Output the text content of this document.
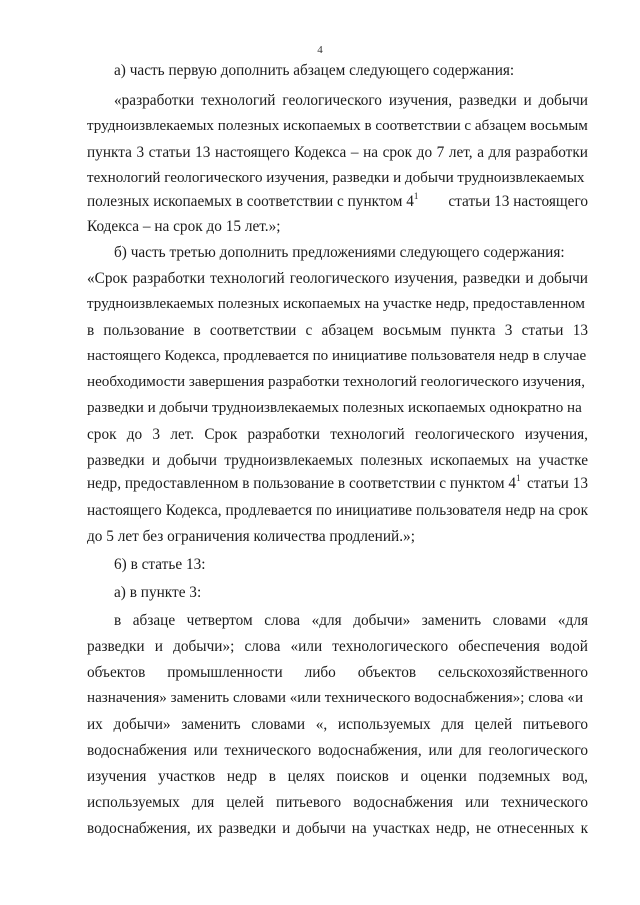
4
а) часть первую дополнить абзацем следующего содержания:
«разработки технологий геологического изучения, разведки и добычи
трудноизвлекаемых полезных ископаемых в соответствии с абзацем восьмым
пункта 3 статьи 13 настоящего Кодекса – на срок до 7 лет, а для разработки
технологий геологического изучения, разведки и добычи трудноизвлекаемых
полезных ископаемых в соответствии с пунктом $4^1$ статьи 13 настоящего
Кодекса – на срок до 15 лет.»;
б) часть третью дополнить предложениями следующего содержания:
«Срок разработки технологий геологического изучения, разведки и добычи
трудноизвлекаемых полезных ископаемых на участке недр, предоставленном
в пользование в соответствии с абзацем восьмым пункта 3 статьи 13
настоящего Кодекса, продлевается по инициативе пользователя недр в случае
необходимости завершения разработки технологий геологического изучения,
разведки и добычи трудноизвлекаемых полезных ископаемых однократно на
срок до 3 лет. Срок разработки технологий геологического изучения,
разведки и добычи трудноизвлекаемых полезных ископаемых на участке
недр, предоставленном в пользование в соответствии с пунктом $4^1$ статьи 13
настоящего Кодекса, продлевается по инициативе пользователя недр на срок
до 5 лет без ограничения количества продлений.»;
6) в статье 13:
а) в пункте 3:
в абзаце четвертом слова «для добычи» заменить словами «для
разведки и добычи»; слова «или технологического обеспечения водой
объектов промышленности либо объектов сельскохозяйственного
назначения» заменить словами «или технического водоснабжения»; слова «и
их добычи» заменить словами «, используемых для целей питьевого
водоснабжения или технического водоснабжения, или для геологического
изучения участков недр в целях поисков и оценки подземных вод,
используемых для целей питьевого водоснабжения или технического
водоснабжения, их разведки и добычи на участках недр, не отнесенных к
